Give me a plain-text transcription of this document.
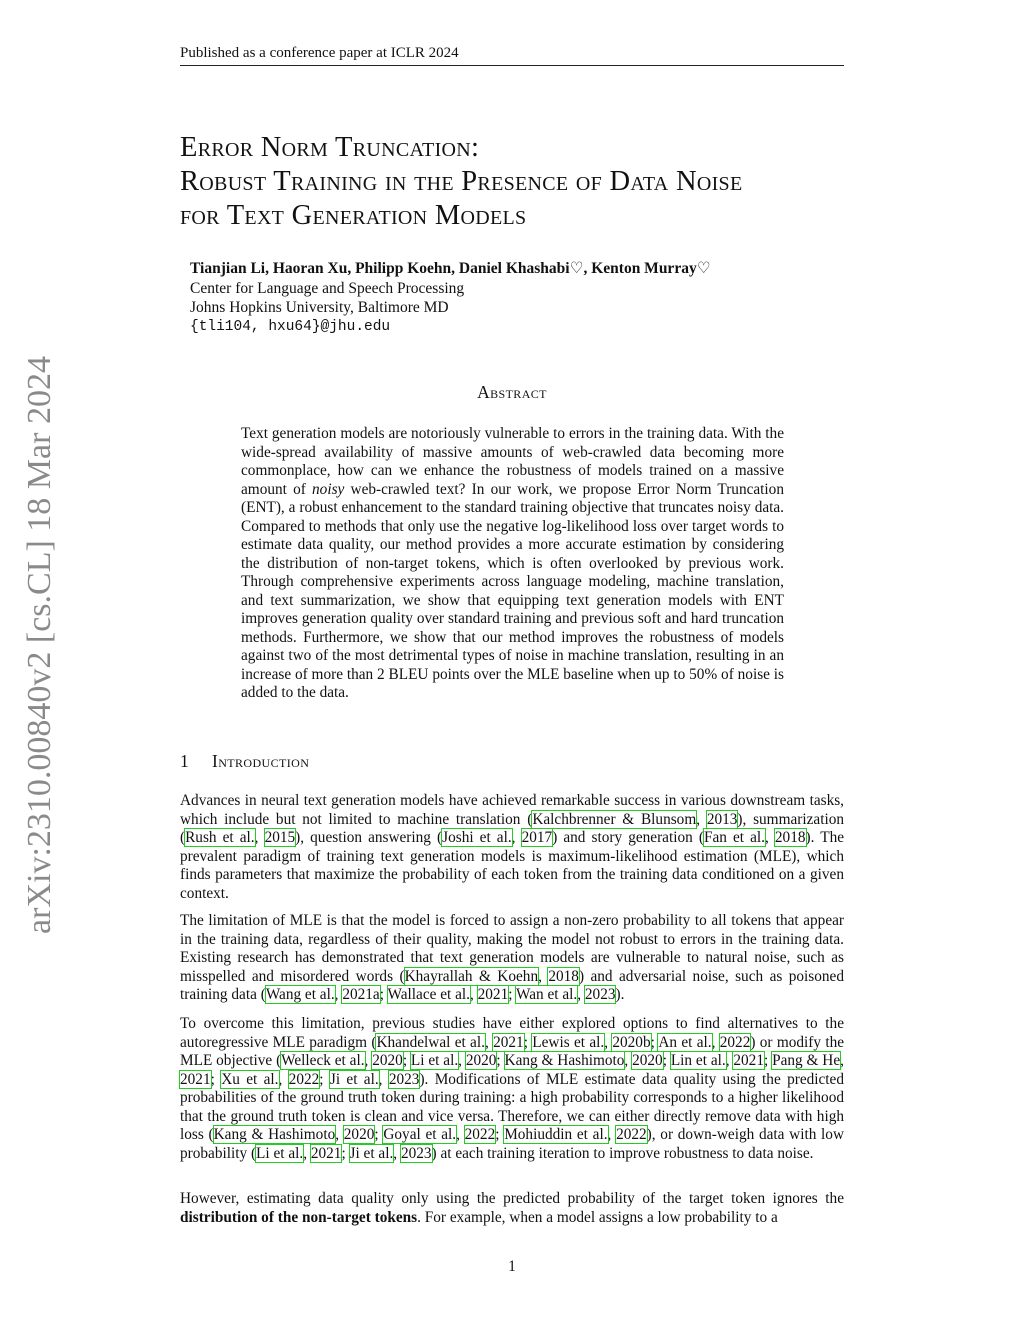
Published as a conference paper at ICLR 2024
arXiv:2310.00840v2 [cs.CL] 18 Mar 2024
Error Norm Truncation:
Robust Training in the Presence of Data Noise
for Text Generation Models
Tianjian Li, Haoran Xu, Philipp Koehn, Daniel Khashabi♡, Kenton Murray♡
Center for Language and Speech Processing
Johns Hopkins University, Baltimore MD
{tli104, hxu64}@jhu.edu
Abstract

Text generation models are notoriously vulnerable to errors in the training data. With the wide-spread availability of massive amounts of web-crawled data becoming more commonplace, how can we enhance the robustness of models trained on a massive amount of noisy web-crawled text? In our work, we propose Error Norm Truncation (ENT), a robust enhancement to the standard training objective that truncates noisy data. Compared to methods that only use the negative log-likelihood loss over target words to estimate data quality, our method provides a more accurate estimation by considering the distribution of non-target tokens, which is often overlooked by previous work. Through comprehensive experiments across language modeling, machine translation, and text summarization, we show that equipping text generation models with ENT improves generation quality over standard training and previous soft and hard truncation methods. Furthermore, we show that our method improves the robustness of models against two of the most detrimental types of noise in machine translation, resulting in an increase of more than 2 BLEU points over the MLE baseline when up to 50% of noise is added to the data.

1 Introduction

Advances in neural text generation models have achieved remarkable success in various downstream tasks, which include but not limited to machine translation (Kalchbrenner & Blunsom, 2013), summarization (Rush et al., 2015), question answering (Joshi et al., 2017) and story generation (Fan et al., 2018). The prevalent paradigm of training text generation models is maximum-likelihood estimation (MLE), which finds parameters that maximize the probability of each token from the training data conditioned on a given context.

The limitation of MLE is that the model is forced to assign a non-zero probability to all tokens that appear in the training data, regardless of their quality, making the model not robust to errors in the training data. Existing research has demonstrated that text generation models are vulnerable to natural noise, such as misspelled and misordered words (Khayrallah & Koehn, 2018) and adversarial noise, such as poisoned training data (Wang et al., 2021a; Wallace et al., 2021; Wan et al., 2023).

To overcome this limitation, previous studies have either explored options to find alternatives to the autoregressive MLE paradigm (Khandelwal et al., 2021; Lewis et al., 2020b; An et al., 2022) or modify the MLE objective (Welleck et al., 2020; Li et al., 2020; Kang & Hashimoto, 2020; Lin et al., 2021; Pang & He, 2021; Xu et al., 2022; Ji et al., 2023). Modifications of MLE estimate data quality using the predicted probabilities of the ground truth token during training: a high probability corresponds to a higher likelihood that the ground truth token is clean and vice versa. Therefore, we can either directly remove data with high loss (Kang & Hashimoto, 2020; Goyal et al., 2022; Mohiuddin et al., 2022), or down-weigh data with low probability (Li et al., 2021; Ji et al., 2023) at each training iteration to improve robustness to data noise.

However, estimating data quality only using the predicted probability of the target token ignores the distribution of the non-target tokens. For example, when a model assigns a low probability to a

1
